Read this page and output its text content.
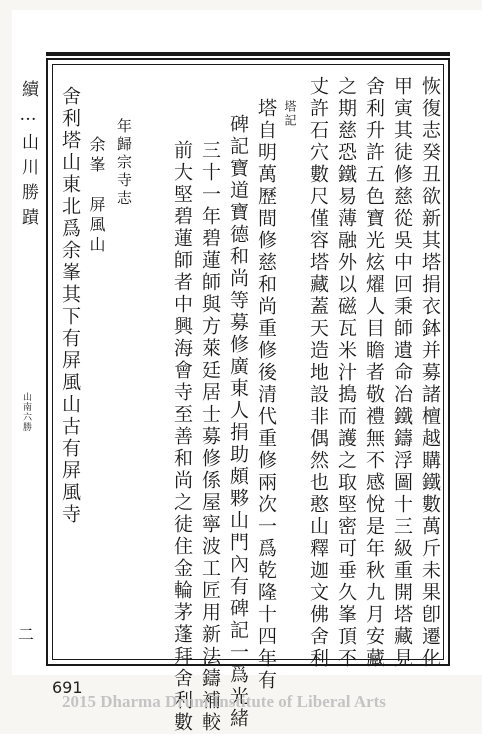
續…山川勝蹟
山南六勝
二	恢復志癸丑欲新其塔捐衣鉢并募諸檀越購鐵數萬斤未果卽遷化
甲寅其徒修慈從吳中回秉師遺命冶鐵鑄浮圖十三級重開塔藏見
舍利升許五色寶光炫燿人目瞻者敬禮無不感悅是年秋九月安藏
之期慈恐鐵易薄融外以磁瓦米汁搗而護之取堅密可垂久峯頂不
丈許石穴數尺僅容塔藏蓋天造地設非偶然也憨山釋迦文佛舍利
塔記
塔自明萬歷間修慈和尚重修後清代重修兩次一爲乾隆十四年有
碑記寶道寶德和尚等募修廣東人捐助頗夥山門內有碑記一爲光緒
三十一年碧蓮師與方萊廷居士募修係屋寧波工匠用新法鑄補較
前大堅碧蓮師者中興海會寺至善和尚之徒住金輪茅蓬拜舍利數
年歸宗寺志
余峯　屏風山
舍利塔山東北爲余峯其下有屏風山古有屏風寺
691
2015 Dharma Drum Institute of Liberal Arts
